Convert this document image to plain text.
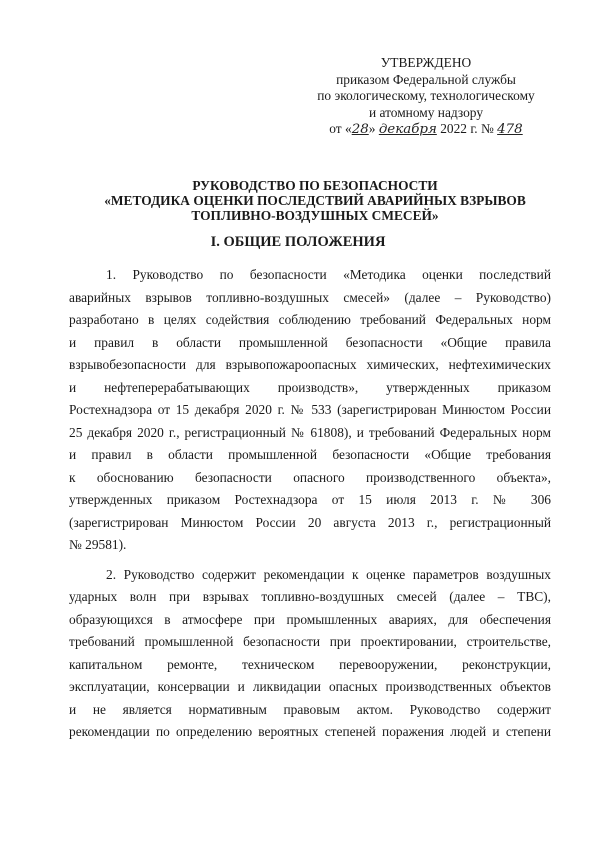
УТВЕРЖДЕНО
приказом Федеральной службы
по экологическому, технологическому
и атомному надзору
от «28» декабря 2022 г. № 478
РУКОВОДСТВО ПО БЕЗОПАСНОСТИ
«МЕТОДИКА ОЦЕНКИ ПОСЛЕДСТВИЙ АВАРИЙНЫХ ВЗРЫВОВ
ТОПЛИВНО-ВОЗДУШНЫХ СМЕСЕЙ»
I. ОБЩИЕ ПОЛОЖЕНИЯ
1. Руководство по безопасности «Методика оценки последствий
аварийных взрывов топливно-воздушных смесей» (далее – Руководство)
разработано в целях содействия соблюдению требований Федеральных норм
и правил в области промышленной безопасности «Общие правила
взрывобезопасности для взрывопожароопасных химических, нефтехимических
и нефтеперерабатывающих производств», утвержденных приказом
Ростехнадзора от 15 декабря 2020 г. № 533 (зарегистрирован Минюстом России
25 декабря 2020 г., регистрационный № 61808), и требований Федеральных норм
и правил в области промышленной безопасности «Общие требования
к обоснованию безопасности опасного производственного объекта»,
утвержденных приказом Ростехнадзора от 15 июля 2013 г. № 306
(зарегистрирован Минюстом России 20 августа 2013 г., регистрационный
№ 29581).
2. Руководство содержит рекомендации к оценке параметров воздушных
ударных волн при взрывах топливно-воздушных смесей (далее – ТВС),
образующихся в атмосфере при промышленных авариях, для обеспечения
требований промышленной безопасности при проектировании, строительстве,
капитальном ремонте, техническом перевооружении, реконструкции,
эксплуатации, консервации и ликвидации опасных производственных объектов
и не является нормативным правовым актом. Руководство содержит
рекомендации по определению вероятных степеней поражения людей и степени
